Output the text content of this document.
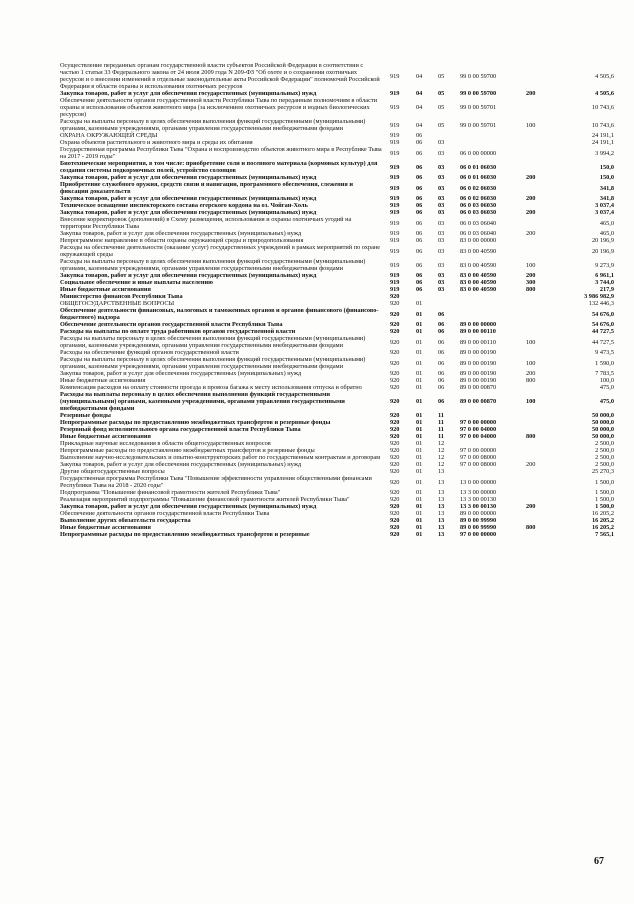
Осуществление переданных органам государственной власти субъектов Российской Федерации в соответствии с частью 1 статьи 33 Федерального закона от 24 июля 2009 года N 209-ФЗ "Об охоте и о сохранении охотничьих ресурсов и о внесении изменений в отдельные законодательные акты Российской Федерации" полномочий Российской Федерации в области охраны и использования охотничьих ресурсов	919	04	05	99 0 00 59700		4 505,6
Закупка товаров, работ и услуг для обеспечения государственных (муниципальных) нужд	919	04	05	99 0 00 59700	200	4 505,6
Обеспечение деятельности органов государственной власти Республики Тыва по переданным полномочиям в области охраны и использования объектов животного мира (за исключением охотничьих ресурсов и водных биологических ресурсов)	919	04	05	99 0 00 59701		10 743,6
Расходы на выплаты персоналу в целях обеспечения выполнения функций государственными (муниципальными) органами, казенными учреждениями, органами управления государственными внебюджетными фондами	919	04	05	99 0 00 59701	100	10 743,6
ОХРАНА ОКРУЖАЮЩЕЙ СРЕДЫ	919	06				24 191,1
Охрана объектов растительного и животного мира и среды их обитания	919	06	03			24 191,1
Государственная программа Республики Тыва "Охрана и воспроизводство объектов животного мира в Республике Тыва на 2017 - 2019 годы"	919	06	03	06 0 00 00000		3 994,2
Биотехнические мероприятия, в том числе: приобретение соли и посевного материала (кормовых культур) для создания системы подкормочных полей, устройство солонцов	919	06	03	06 0 01 06030		150,0
Закупка товаров, работ и услуг для обеспечения государственных (муниципальных) нужд	919	06	03	06 0 01 06030	200	150,0
Приобретение служебного оружия, средств связи и навигации, программного обеспечения, слежения и фиксации доказательств	919	06	03	06 0 02 06030		341,8
Закупка товаров, работ и услуг для обеспечения государственных (муниципальных) нужд	919	06	03	06 0 02 06030	200	341,8
Техническое оснащение инспекторского состава егерского кордона на оз. Чойган-Холь	919	06	03	06 0 03 06030		3 037,4
Закупка товаров, работ и услуг для обеспечения государственных (муниципальных) нужд	919	06	03	06 0 03 06030	200	3 037,4
Внесение корректировок (дополнений) в Схему размещения, использования и охраны охотничьих угодий на территории Республики Тыва	919	06	03	06 0 03 06040		465,0
Закупка товаров, работ и услуг для обеспечения государственных (муниципальных) нужд	919	06	03	06 0 03 06040	200	465,0
Непрограммное направление в области охраны окружающей среды и природопользования	919	06	03	83 0 00 00000		20 196,9
Расходы на обеспечение деятельности (оказание услуг) государственных учреждений в рамках мероприятий по охране окружающей среды	919	06	03	83 0 00 40590		20 196,9
Расходы на выплаты персоналу в целях обеспечения выполнения функций государственными (муниципальными) органами, казенными учреждениями, органами управления государственными внебюджетными фондами	919	06	03	83 0 00 40590	100	9 273,9
Закупка товаров, работ и услуг для обеспечения государственных (муниципальных) нужд	919	06	03	83 0 00 40590	200	6 961,1
Социальное обеспечение и иные выплаты населению	919	06	03	83 0 00 40590	300	3 744,0
Иные бюджетные ассигнования	919	06	03	83 0 00 40590	800	217,9
Министерство финансов Республики Тыва	920					3 986 982,9
ОБЩЕГОСУДАРСТВЕННЫЕ ВОПРОСЫ	920	01				132 446,3
Обеспечение деятельности финансовых, налоговых и таможенных органов и органов финансового (финансово-бюджетного) надзора	920	01	06			54 676,0
Обеспечение деятельности органов государственной власти Республики Тыва	920	01	06	89 0 00 00000		54 676,0
Расходы на выплаты по оплате труда работников органов государственной власти	920	01	06	89 0 00 00110		44 727,5
Расходы на выплаты персоналу в целях обеспечения выполнения функций государственными (муниципальными) органами, казенными учреждениями, органами управления государственными внебюджетными фондами	920	01	06	89 0 00 00110	100	44 727,5
Расходы на обеспечение функций органов государственной власти	920	01	06	89 0 00 00190		9 473,5
Расходы на выплаты персоналу в целях обеспечения выполнения функций государственными (муниципальными) органами, казенными учреждениями, органами управления государственными внебюджетными фондами	920	01	06	89 0 00 00190	100	1 590,0
Закупка товаров, работ и услуг для обеспечения государственных (муниципальных) нужд	920	01	06	89 0 00 00190	200	7 783,5
Иные бюджетные ассигнования	920	01	06	89 0 00 00190	800	100,0
Компенсация расходов на оплату стоимости проезда и провоза багажа к месту использования отпуска и обратно	920	01	06	89 0 00 00870		475,0
Расходы на выплаты персоналу в целях обеспечения выполнения функций государственными (муниципальными) органами, казенными учреждениями, органами управления государственными внебюджетными фондами	920	01	06	89 0 00 00870	100	475,0
Резервные фонды	920	01	11			50 000,0
Непрограммные расходы по предоставлению межбюджетных трансфертов и резервные фонды	920	01	11	97 0 00 00000		50 000,0
Резервный фонд исполнительного органа государственной власти Республики Тыва	920	01	11	97 0 00 04000		50 000,0
Иные бюджетные ассигнования	920	01	11	97 0 00 04000	800	50 000,0
Прикладные научные исследования в области общегосударственных вопросов	920	01	12			2 500,0
Непрограммные расходы по предоставлению межбюджетных трансфертов и резервные фонды	920	01	12	97 0 00 00000		2 500,0
Выполнение научно-исследовательских и опытно-конструкторских работ по государственным контрактам и договорам	920	01	12	97 0 00 08000		2 500,0
Закупка товаров, работ и услуг для обеспечения государственных (муниципальных) нужд	920	01	12	97 0 00 08000	200	2 500,0
Другие общегосударственные вопросы	920	01	13			25 270,3
Государственная программа Республики Тыва "Повышение эффективности управления общественными финансами Республики Тыва на 2018 - 2020 годы"	920	01	13	13 0 00 00000		1 500,0
Подпрограмма "Повышение финансовой грамотности жителей Республики Тыва"	920	01	13	13 3 00 00000		1 500,0
Реализация мероприятий подпрограммы "Повышение финансовой грамотности жителей Республики Тыва"	920	01	13	13 3 00 00130		1 500,0
Закупка товаров, работ и услуг для обеспечения государственных (муниципальных) нужд	920	01	13	13 3 00 00130	200	1 500,0
Обеспечение деятельности органов государственной власти Республики Тыва	920	01	13	89 0 00 00000		16 205,2
Выполнение других обязательств государства	920	01	13	89 0 00 99990		16 205,2
Иные бюджетные ассигнования	920	01	13	89 0 00 99990	800	16 205,2
Непрограммные расходы по предоставлению межбюджетных трансфертов и резервные	920	01	13	97 0 00 00000		7 565,1
67
